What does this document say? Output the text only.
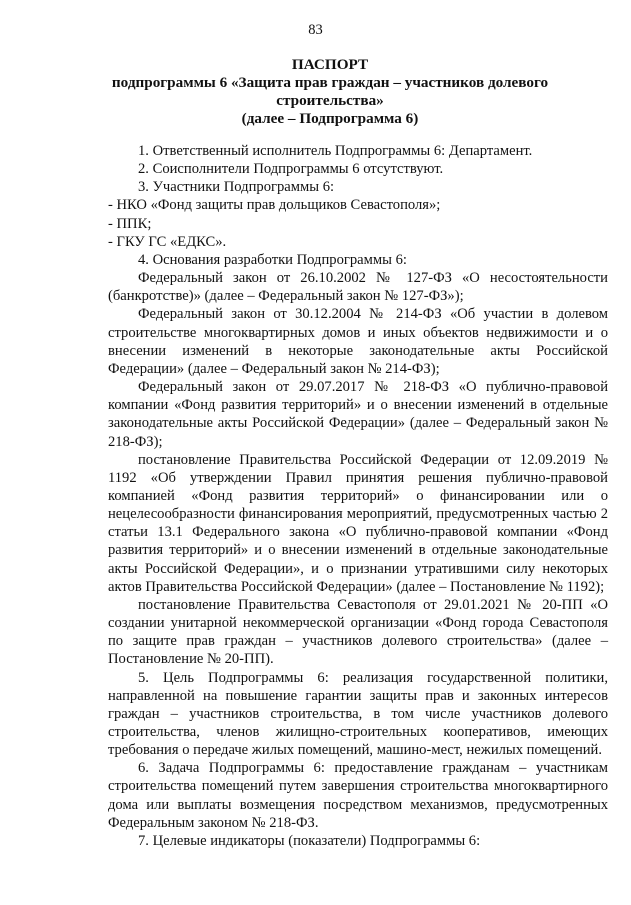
83
ПАСПОРТ
подпрограммы 6 «Защита прав граждан – участников долевого
строительства»
(далее – Подпрограмма 6)

1. Ответственный исполнитель Подпрограммы 6: Департамент.

2. Соисполнители Подпрограммы 6 отсутствуют.

3. Участники Подпрограммы 6:

- НКО «Фонд защиты прав дольщиков Севастополя»;

- ППК;

- ГКУ ГС «ЕДКС».

4. Основания разработки Подпрограммы 6:

Федеральный закон от 26.10.2002 № 127-ФЗ «О несостоятельности (банкротстве)» (далее – Федеральный закон № 127-ФЗ»);

Федеральный закон от 30.12.2004 № 214-ФЗ «Об участии в долевом строительстве многоквартирных домов и иных объектов недвижимости и о внесении изменений в некоторые законодательные акты Российской Федерации» (далее – Федеральный закон № 214-ФЗ);

Федеральный закон от 29.07.2017 № 218-ФЗ «О публично-правовой компании «Фонд развития территорий» и о внесении изменений в отдельные законодательные акты Российской Федерации» (далее – Федеральный закон № 218-ФЗ);

постановление Правительства Российской Федерации от 12.09.2019 № 1192 «Об утверждении Правил принятия решения публично-правовой компанией «Фонд развития территорий» о финансировании или о нецелесообразности финансирования мероприятий, предусмотренных частью 2 статьи 13.1 Федерального закона «О публично-правовой компании «Фонд развития территорий» и о внесении изменений в отдельные законодательные акты Российской Федерации», и о признании утратившими силу некоторых актов Правительства Российской Федерации» (далее – Постановление № 1192);

постановление Правительства Севастополя от 29.01.2021 № 20-ПП «О создании унитарной некоммерческой организации «Фонд города Севастополя по защите прав граждан – участников долевого строительства» (далее – Постановление № 20-ПП).

5. Цель Подпрограммы 6: реализация государственной политики, направленной на повышение гарантии защиты прав и законных интересов граждан – участников строительства, в том числе участников долевого строительства, членов жилищно-строительных кооперативов, имеющих требования о передаче жилых помещений, машино-мест, нежилых помещений.

6. Задача Подпрограммы 6: предоставление гражданам – участникам строительства помещений путем завершения строительства многоквартирного дома или выплаты возмещения посредством механизмов, предусмотренных Федеральным законом № 218-ФЗ.

7. Целевые индикаторы (показатели) Подпрограммы 6:
